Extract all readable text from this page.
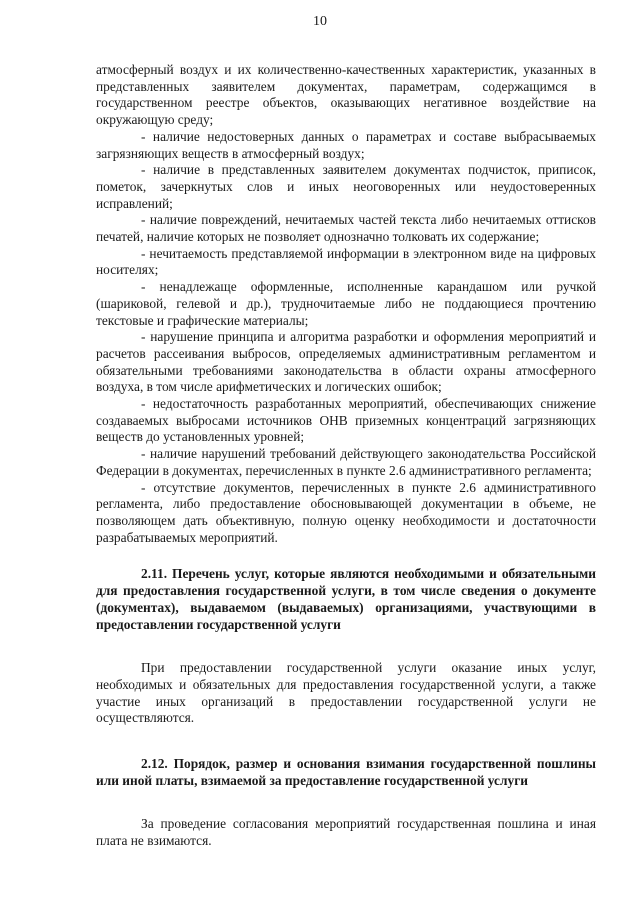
10

атмосферный воздух и их количественно-качественных характеристик, указанных в представленных заявителем документах, параметрам, содержащимся в государственном реестре объектов, оказывающих негативное воздействие на окружающую среду;

- наличие недостоверных данных о параметрах и составе выбрасываемых загрязняющих веществ в атмосферный воздух;

- наличие в представленных заявителем документах подчисток, приписок, пометок, зачеркнутых слов и иных неоговоренных или неудостоверенных исправлений;

- наличие повреждений, нечитаемых частей текста либо нечитаемых оттисков печатей, наличие которых не позволяет однозначно толковать их содержание;

- нечитаемость представляемой информации в электронном виде на цифровых носителях;

- ненадлежаще оформленные, исполненные карандашом или ручкой (шариковой, гелевой и др.), трудночитаемые либо не поддающиеся прочтению текстовые и графические материалы;

- нарушение принципа и алгоритма разработки и оформления мероприятий и расчетов рассеивания выбросов, определяемых административным регламентом и обязательными требованиями законодательства в области охраны атмосферного воздуха, в том числе арифметических и логических ошибок;

- недостаточность разработанных мероприятий, обеспечивающих снижение создаваемых выбросами источников ОНВ приземных концентраций загрязняющих веществ до установленных уровней;

- наличие нарушений требований действующего законодательства Российской Федерации в документах, перечисленных в пункте 2.6 административного регламента;

- отсутствие документов, перечисленных в пункте 2.6 административного регламента, либо предоставление обосновывающей документации в объеме, не позволяющем дать объективную, полную оценку необходимости и достаточности разрабатываемых мероприятий.

2.11. Перечень услуг, которые являются необходимыми и обязательными для предоставления государственной услуги, в том числе сведения о документе (документах), выдаваемом (выдаваемых) организациями, участвующими в предоставлении государственной услуги

При предоставлении государственной услуги оказание иных услуг, необходимых и обязательных для предоставления государственной услуги, а также участие иных организаций в предоставлении государственной услуги не осуществляются.

2.12. Порядок, размер и основания взимания государственной пошлины или иной платы, взимаемой за предоставление государственной услуги

За проведение согласования мероприятий государственная пошлина и иная плата не взимаются.
